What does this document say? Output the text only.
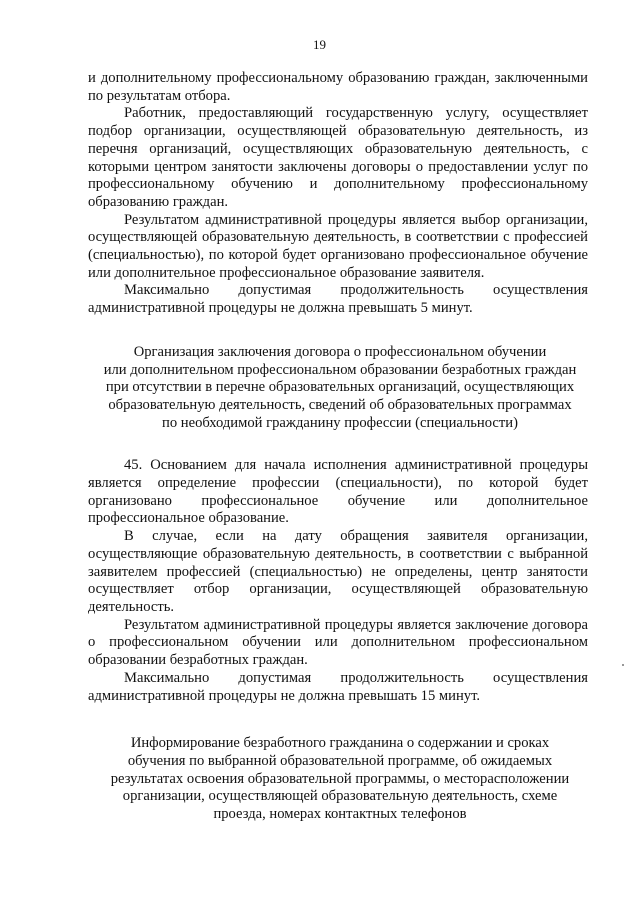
19

и дополнительному профессиональному образованию граждан, заключенными по результатам отбора.

Работник, предоставляющий государственную услугу, осуществляет подбор организации, осуществляющей образовательную деятельность, из перечня организаций, осуществляющих образовательную деятельность, с которыми центром занятости заключены договоры о предоставлении услуг по профессиональному обучению и дополнительному профессиональному образованию граждан.

Результатом административной процедуры является выбор организации, осуществляющей образовательную деятельность, в соответствии с профессией (специальностью), по которой будет организовано профессиональное обучение или дополнительное профессиональное образование заявителя.

Максимально допустимая продолжительность осуществления административной процедуры не должна превышать 5 минут.

Организация заключения договора о профессиональном обучении
или дополнительном профессиональном образовании безработных граждан
при отсутствии в перечне образовательных организаций, осуществляющих
образовательную деятельность, сведений об образовательных программах
по необходимой гражданину профессии (специальности)

45. Основанием для начала исполнения административной процедуры является определение профессии (специальности), по которой будет организовано профессиональное обучение или дополнительное профессиональное образование.

В случае, если на дату обращения заявителя организации, осуществляющие образовательную деятельность, в соответствии с выбранной заявителем профессией (специальностью) не определены, центр занятости осуществляет отбор организации, осуществляющей образовательную деятельность.

Результатом административной процедуры является заключение договора о профессиональном обучении или дополнительном профессиональном образовании безработных граждан.

Максимально допустимая продолжительность осуществления административной процедуры не должна превышать 15 минут.

Информирование безработного гражданина о содержании и сроках
обучения по выбранной образовательной программе, об ожидаемых
результатах освоения образовательной программы, о месторасположении
организации, осуществляющей образовательную деятельность, схеме
проезда, номерах контактных телефонов
